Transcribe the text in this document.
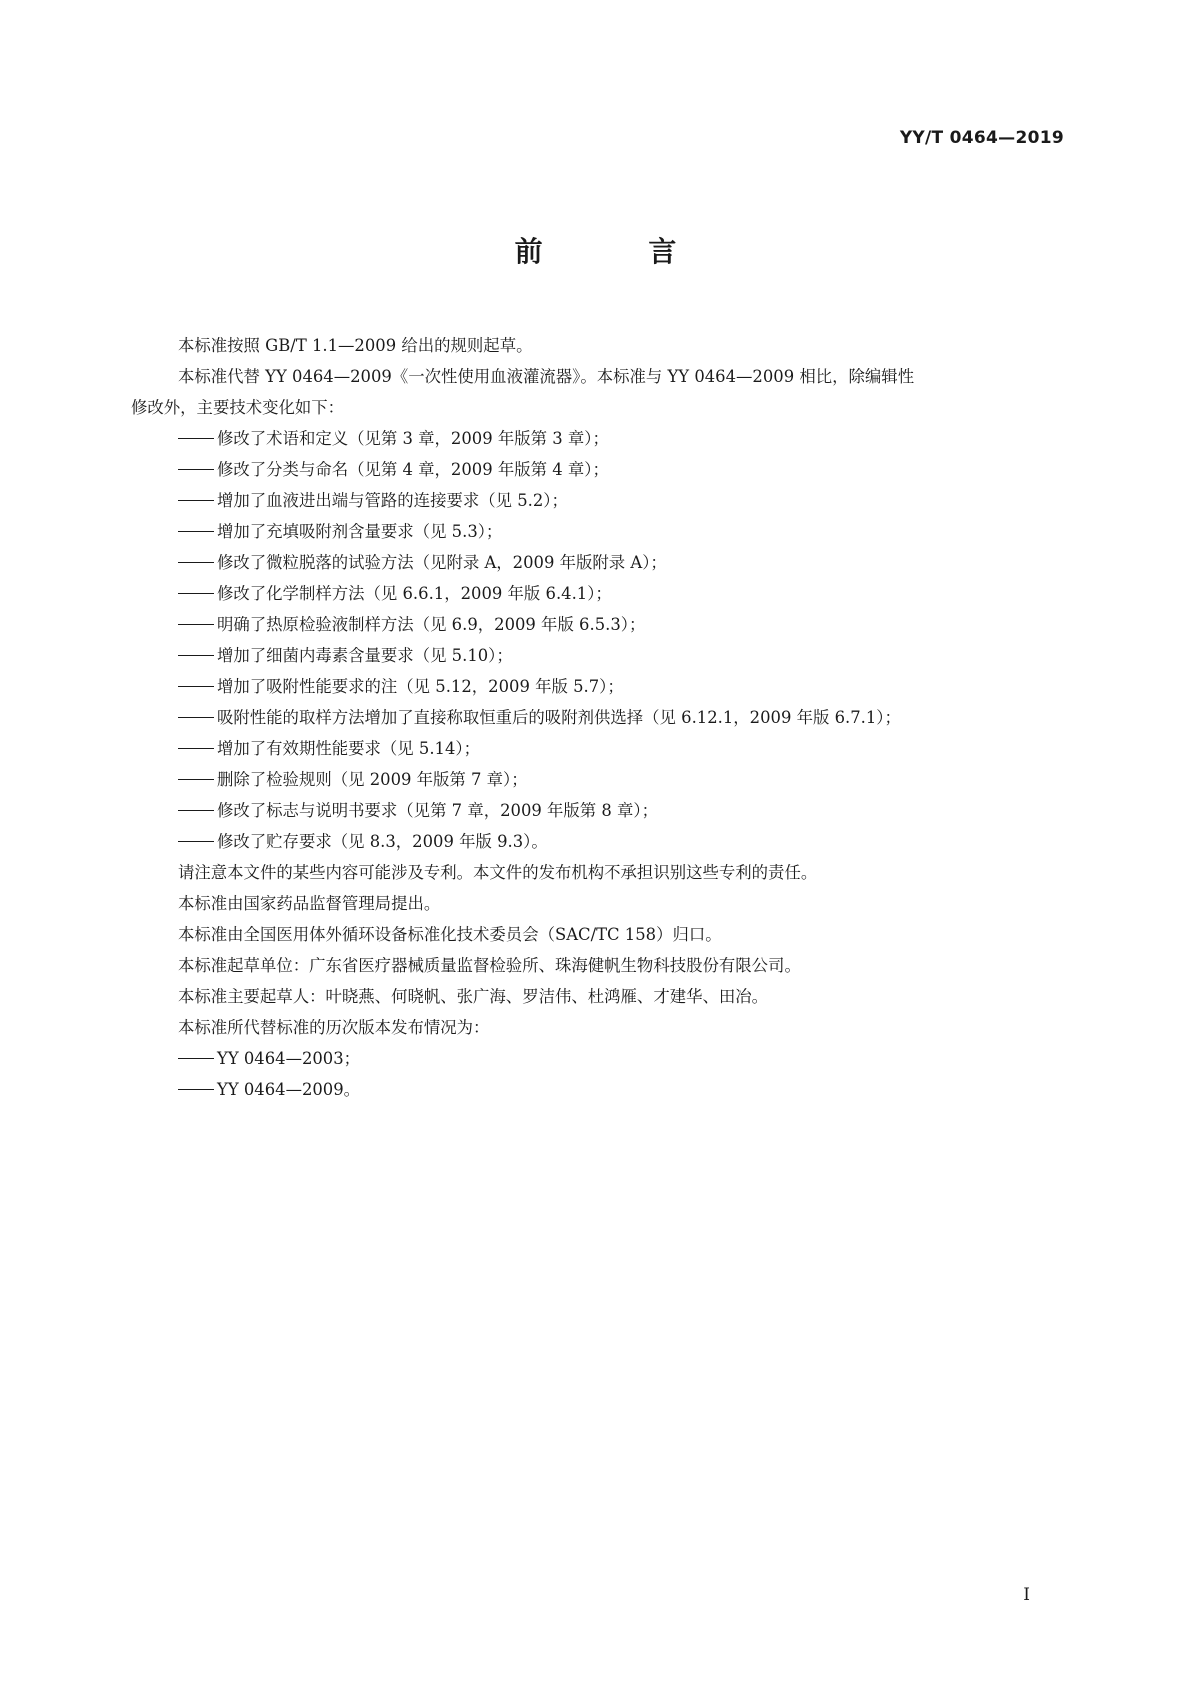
YY/T 0464—2019
前 言
本标准按照 GB/T 1.1—2009 给出的规则起草。
本标准代替 YY 0464—2009《一次性使用血液灌流器》。本标准与 YY 0464—2009 相比，除编辑性
修改外，主要技术变化如下：
修改了术语和定义（见第 3 章，2009 年版第 3 章）；
修改了分类与命名（见第 4 章，2009 年版第 4 章）；
增加了血液进出端与管路的连接要求（见 5.2）；
增加了充填吸附剂含量要求（见 5.3）；
修改了微粒脱落的试验方法（见附录 A，2009 年版附录 A）；
修改了化学制样方法（见 6.6.1，2009 年版 6.4.1）；
明确了热原检验液制样方法（见 6.9，2009 年版 6.5.3）；
增加了细菌内毒素含量要求（见 5.10）；
增加了吸附性能要求的注（见 5.12，2009 年版 5.7）；
吸附性能的取样方法增加了直接称取恒重后的吸附剂供选择（见 6.12.1，2009 年版 6.7.1）；
增加了有效期性能要求（见 5.14）；
删除了检验规则（见 2009 年版第 7 章）；
修改了标志与说明书要求（见第 7 章，2009 年版第 8 章）；
修改了贮存要求（见 8.3，2009 年版 9.3）。
请注意本文件的某些内容可能涉及专利。本文件的发布机构不承担识别这些专利的责任。
本标准由国家药品监督管理局提出。
本标准由全国医用体外循环设备标准化技术委员会（SAC/TC 158）归口。
本标准起草单位：广东省医疗器械质量监督检验所、珠海健帆生物科技股份有限公司。
本标准主要起草人：叶晓燕、何晓帆、张广海、罗洁伟、杜鸿雁、才建华、田冶。
本标准所代替标准的历次版本发布情况为：
YY 0464—2003；
YY 0464—2009。
I
